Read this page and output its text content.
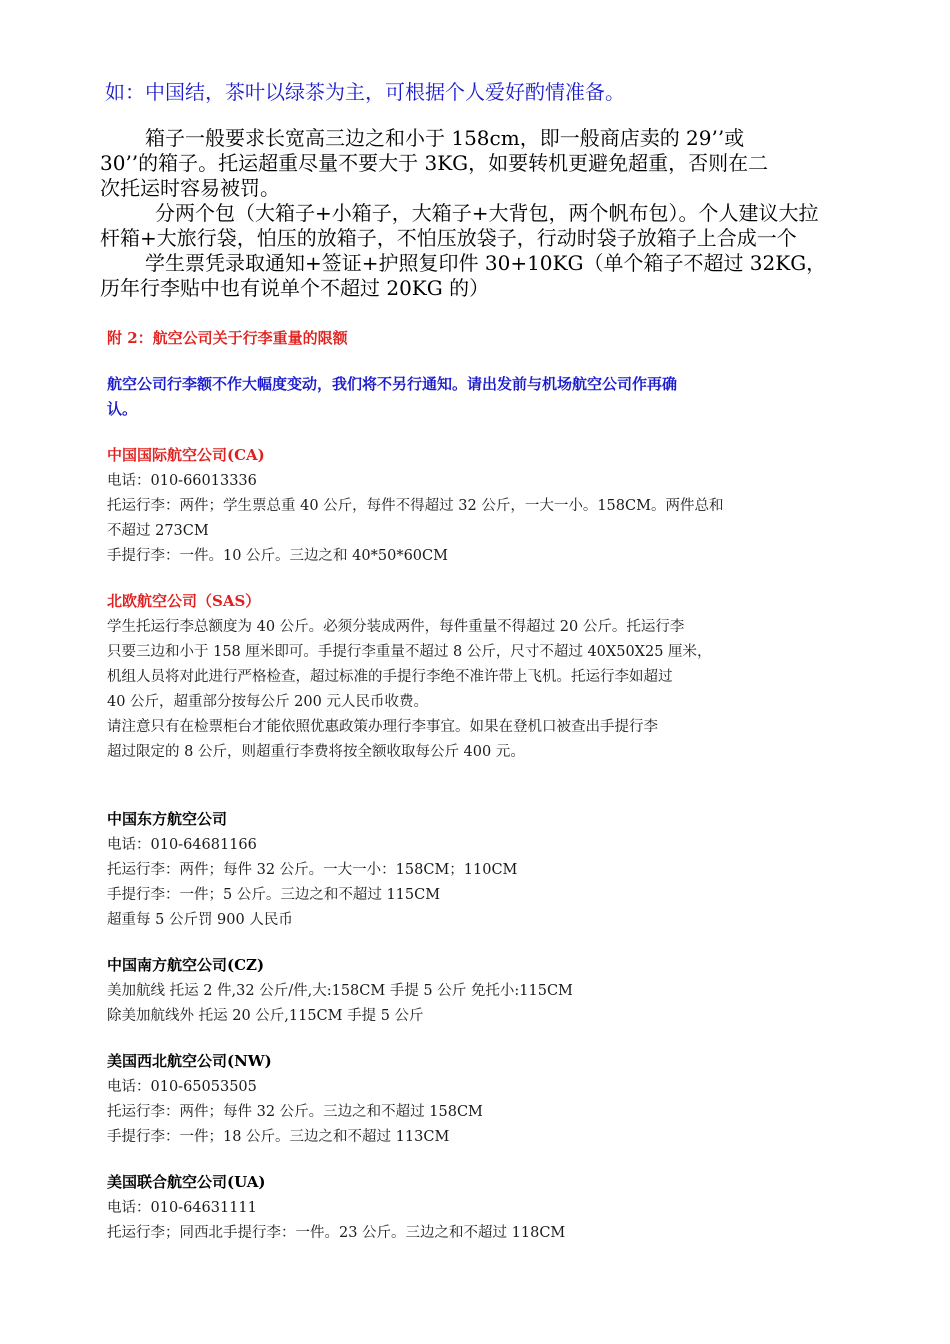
如：中国结，茶叶以绿茶为主，可根据个人爱好酌情准备。
箱子一般要求长宽高三边之和小于 158cm，即一般商店卖的 29’’或
30’’的箱子。托运超重尽量不要大于 3KG，如要转机更避免超重，否则在二
次托运时容易被罚。
分两个包（大箱子+小箱子，大箱子+大背包，两个帆布包）。个人建议大拉
杆箱+大旅行袋，怕压的放箱子，不怕压放袋子，行动时袋子放箱子上合成一个
学生票凭录取通知+签证+护照复印件 30+10KG（单个箱子不超过 32KG，
历年行李贴中也有说单个不超过 20KG 的）
附 2：航空公司关于行李重量的限额
航空公司行李额不作大幅度变动，我们将不另行通知。请出发前与机场航空公司作再确
认。
中国国际航空公司(CA)
电话：010-66013336
托运行李：两件；学生票总重 40 公斤，每件不得超过 32 公斤，一大一小。158CM。两件总和
不超过 273CM
手提行李：一件。10 公斤。三边之和 40*50*60CM
北欧航空公司（SAS）
学生托运行李总额度为 40 公斤。必须分装成两件，每件重量不得超过 20 公斤。托运行李
只要三边和小于 158 厘米即可。手提行李重量不超过 8 公斤，尺寸不超过 40X50X25 厘米，
机组人员将对此进行严格检查，超过标准的手提行李绝不准许带上飞机。托运行李如超过
40 公斤，超重部分按每公斤 200 元人民币收费。
请注意只有在检票柜台才能依照优惠政策办理行李事宜。如果在登机口被查出手提行李
超过限定的 8 公斤，则超重行李费将按全额收取每公斤 400 元。
中国东方航空公司
电话：010-64681166
托运行李：两件；每件 32 公斤。一大一小：158CM；110CM
手提行李：一件；5 公斤。三边之和不超过 115CM
超重每 5 公斤罚 900 人民币
中国南方航空公司(CZ)
美加航线 托运 2 件,32 公斤/件,大:158CM 手提 5 公斤 免托小:115CM
除美加航线外 托运 20 公斤,115CM 手提 5 公斤
美国西北航空公司(NW)
电话：010-65053505
托运行李：两件；每件 32 公斤。三边之和不超过 158CM
手提行李：一件；18 公斤。三边之和不超过 113CM
美国联合航空公司(UA)
电话：010-64631111
托运行李；同西北手提行李：一件。23 公斤。三边之和不超过 118CM
